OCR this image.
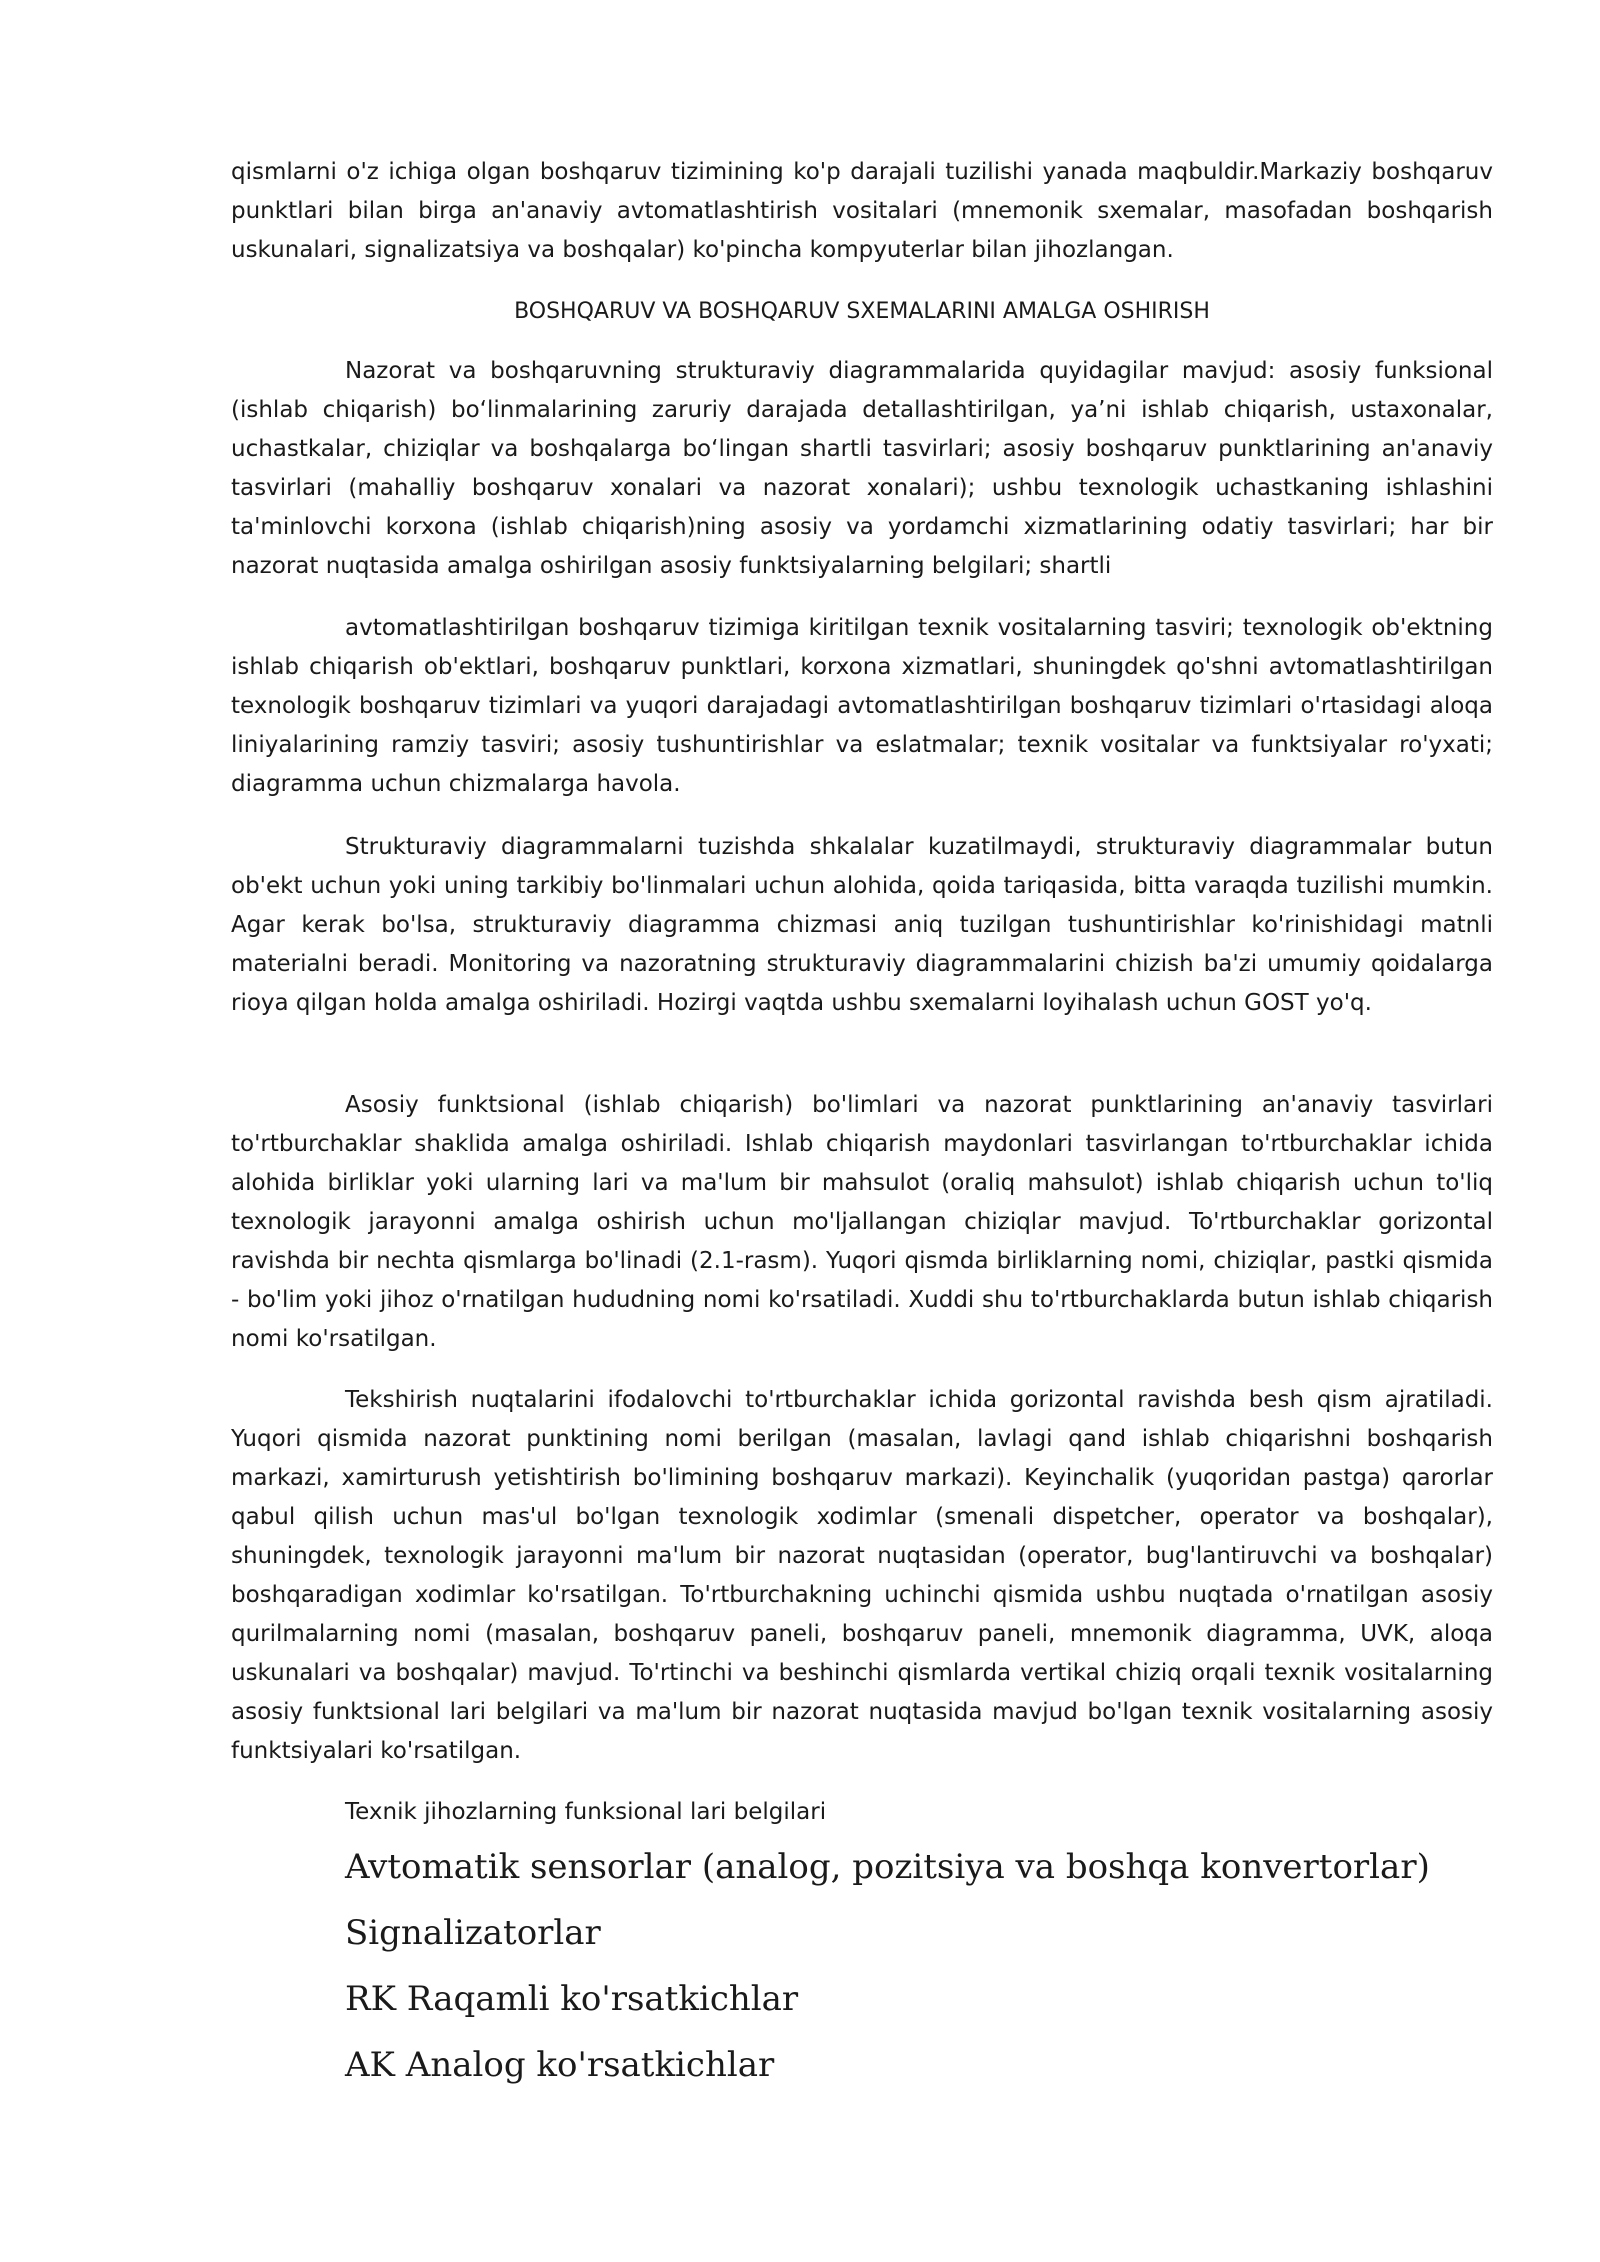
qismlarni o'z ichiga olgan boshqaruv tizimining ko'p darajali tuzilishi yanada maqbuldir.Markaziy boshqaruv punktlari bilan birga an'anaviy avtomatlashtirish vositalari (mnemonik sxemalar, masofadan boshqarish uskunalari, signalizatsiya va boshqalar) ko'pincha kompyuterlar bilan jihozlangan.

BOSHQARUV VA BOSHQARUV SXEMALARINI AMALGA OSHIRISH

Nazorat va boshqaruvning strukturaviy diagrammalarida quyidagilar mavjud: asosiy funksional (ishlab chiqarish) bo‘linmalarining zaruriy darajada detallashtirilgan, ya’ni ishlab chiqarish, ustaxonalar, uchastkalar, chiziqlar va boshqalarga bo‘lingan shartli tasvirlari; asosiy boshqaruv punktlarining an'anaviy tasvirlari (mahalliy boshqaruv xonalari va nazorat xonalari); ushbu texnologik uchastkaning ishlashini ta'minlovchi korxona (ishlab chiqarish)ning asosiy va yordamchi xizmatlarining odatiy tasvirlari; har bir nazorat nuqtasida amalga oshirilgan asosiy funktsiyalarning belgilari; shartli

avtomatlashtirilgan boshqaruv tizimiga kiritilgan texnik vositalarning tasviri; texnologik ob'ektning ishlab chiqarish ob'ektlari, boshqaruv punktlari, korxona xizmatlari, shuningdek qo'shni avtomatlashtirilgan texnologik boshqaruv tizimlari va yuqori darajadagi avtomatlashtirilgan boshqaruv tizimlari o'rtasidagi aloqa liniyalarining ramziy tasviri; asosiy tushuntirishlar va eslatmalar; texnik vositalar va funktsiyalar ro'yxati; diagramma uchun chizmalarga havola.

Strukturaviy diagrammalarni tuzishda shkalalar kuzatilmaydi, strukturaviy diagrammalar butun ob'ekt uchun yoki uning tarkibiy bo'linmalari uchun alohida, qoida tariqasida, bitta varaqda tuzilishi mumkin. Agar kerak bo'lsa, strukturaviy diagramma chizmasi aniq tuzilgan tushuntirishlar ko'rinishidagi matnli materialni beradi. Monitoring va nazoratning strukturaviy diagrammalarini chizish ba'zi umumiy qoidalarga rioya qilgan holda amalga oshiriladi. Hozirgi vaqtda ushbu sxemalarni loyihalash uchun GOST yo'q.

Asosiy funktsional (ishlab chiqarish) bo'limlari va nazorat punktlarining an'anaviy tasvirlari to'rtburchaklar shaklida amalga oshiriladi. Ishlab chiqarish maydonlari tasvirlangan to'rtburchaklar ichida alohida birliklar yoki ularning lari va ma'lum bir mahsulot (oraliq mahsulot) ishlab chiqarish uchun to'liq texnologik jarayonni amalga oshirish uchun mo'ljallangan chiziqlar mavjud. To'rtburchaklar gorizontal ravishda bir nechta qismlarga bo'linadi (2.1-rasm). Yuqori qismda birliklarning nomi, chiziqlar, pastki qismida - bo'lim yoki jihoz o'rnatilgan hududning nomi ko'rsatiladi. Xuddi shu to'rtburchaklarda butun ishlab chiqarish nomi ko'rsatilgan.

Tekshirish nuqtalarini ifodalovchi to'rtburchaklar ichida gorizontal ravishda besh qism ajratiladi. Yuqori qismida nazorat punktining nomi berilgan (masalan, lavlagi qand ishlab chiqarishni boshqarish markazi, xamirturush yetishtirish bo'limining boshqaruv markazi). Keyinchalik (yuqoridan pastga) qarorlar qabul qilish uchun mas'ul bo'lgan texnologik xodimlar (smenali dispetcher, operator va boshqalar), shuningdek, texnologik jarayonni ma'lum bir nazorat nuqtasidan (operator, bug'lantiruvchi va boshqalar) boshqaradigan xodimlar ko'rsatilgan. To'rtburchakning uchinchi qismida ushbu nuqtada o'rnatilgan asosiy qurilmalarning nomi (masalan, boshqaruv paneli, boshqaruv paneli, mnemonik diagramma, UVK, aloqa uskunalari va boshqalar) mavjud. To'rtinchi va beshinchi qismlarda vertikal chiziq orqali texnik vositalarning asosiy funktsional lari belgilari va ma'lum bir nazorat nuqtasida mavjud bo'lgan texnik vositalarning asosiy funktsiyalari ko'rsatilgan.

Texnik jihozlarning funksional lari belgilari

Avtomatik sensorlar (analog, pozitsiya va boshqa konvertorlar)

Signalizatorlar

RK Raqamli ko'rsatkichlar

AK Analog ko'rsatkichlar
